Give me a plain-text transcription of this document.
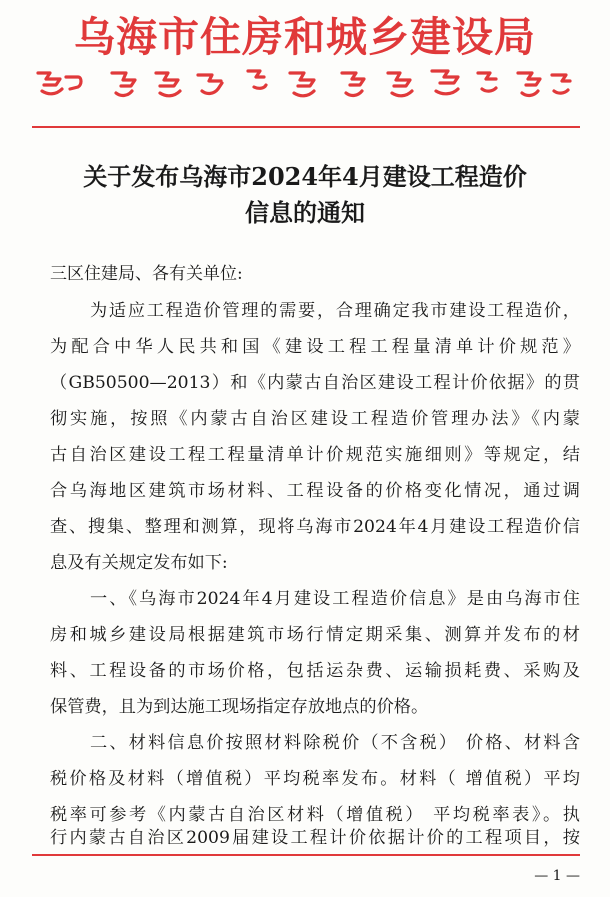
乌海市住房和城乡建设局
关于发布乌海市2024年4月建设工程造价
信息的通知
三区住建局、各有关单位:
为适应工程造价管理的需要，合理确定我市建设工程造价，
为配合中华人民共和国《建设工程工程量清单计价规范》
（GB50500—2013）和《内蒙古自治区建设工程计价依据》的贯
彻实施，按照《内蒙古自治区建设工程造价管理办法》《内蒙
古自治区建设工程工程量清单计价规范实施细则》等规定，结
合乌海地区建筑市场材料、工程设备的价格变化情况，通过调
查、搜集、整理和测算，现将乌海市2024年4月建设工程造价信
息及有关规定发布如下:
一、《乌海市2024年4月建设工程造价信息》是由乌海市住
房和城乡建设局根据建筑市场行情定期采集、测算并发布的材
料、工程设备的市场价格，包括运杂费、运输损耗费、采购及
保管费，且为到达施工现场指定存放地点的价格。
二、材料信息价按照材料除税价（不含税） 价格、材料含
税价格及材料（增值税）平均税率发布。材料（ 增值税）平均
税率可参考《内蒙古自治区材料（增值税） 平均税率表》。执
行内蒙古自治区2009届建设工程计价依据计价的工程项目，按
— 1 —
